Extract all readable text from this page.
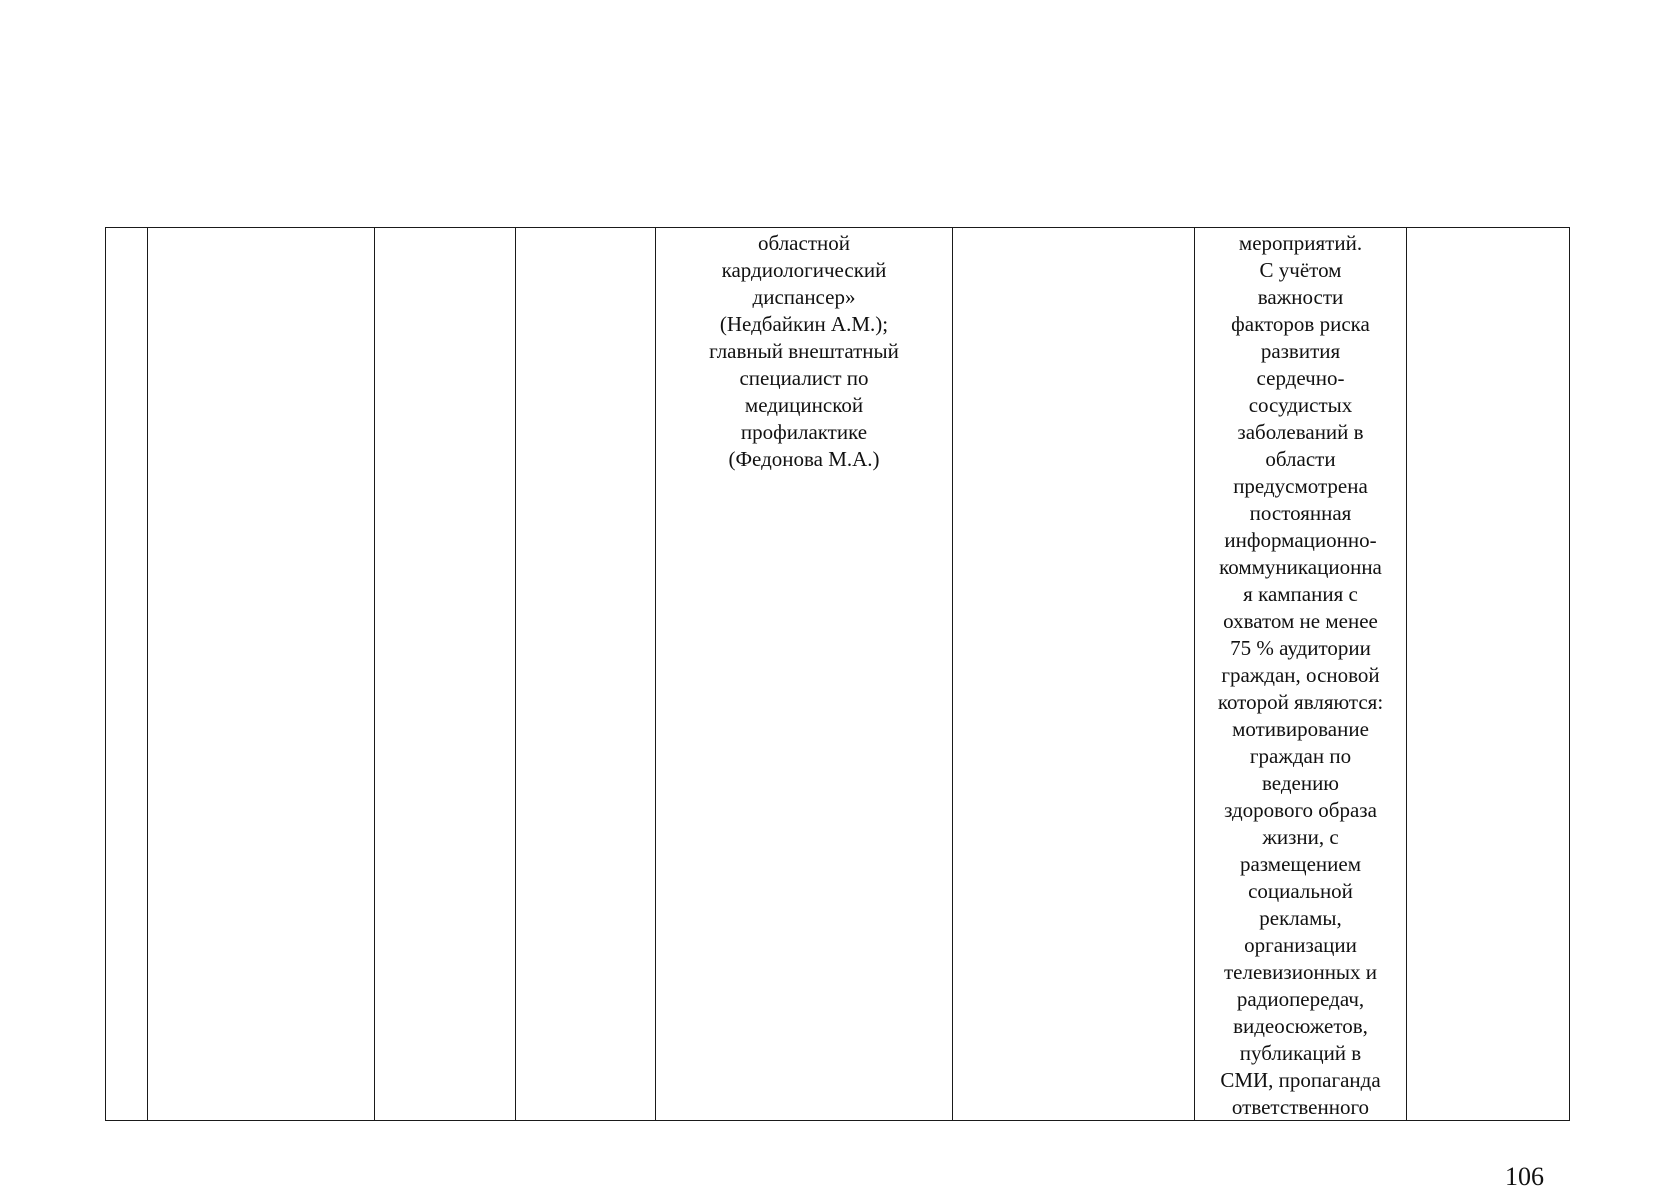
областной
кардиологический
диспансер»
(Недбайкин А.М.);
главный внештатный
специалист по
медицинской
профилактике
(Федонова М.А.)

мероприятий.
С учётом
важности
факторов риска
развития
сердечно-
сосудистых
заболеваний в
области
предусмотрена
постоянная
информационно-
коммуникационна
я кампания с
охватом не менее
75 % аудитории
граждан, основой
которой являются:
мотивирование
граждан по
ведению
здорового образа
жизни, с
размещением
социальной
рекламы,
организации
телевизионных и
радиопередач,
видеосюжетов,
публикаций в
СМИ, пропаганда
ответственного

106
